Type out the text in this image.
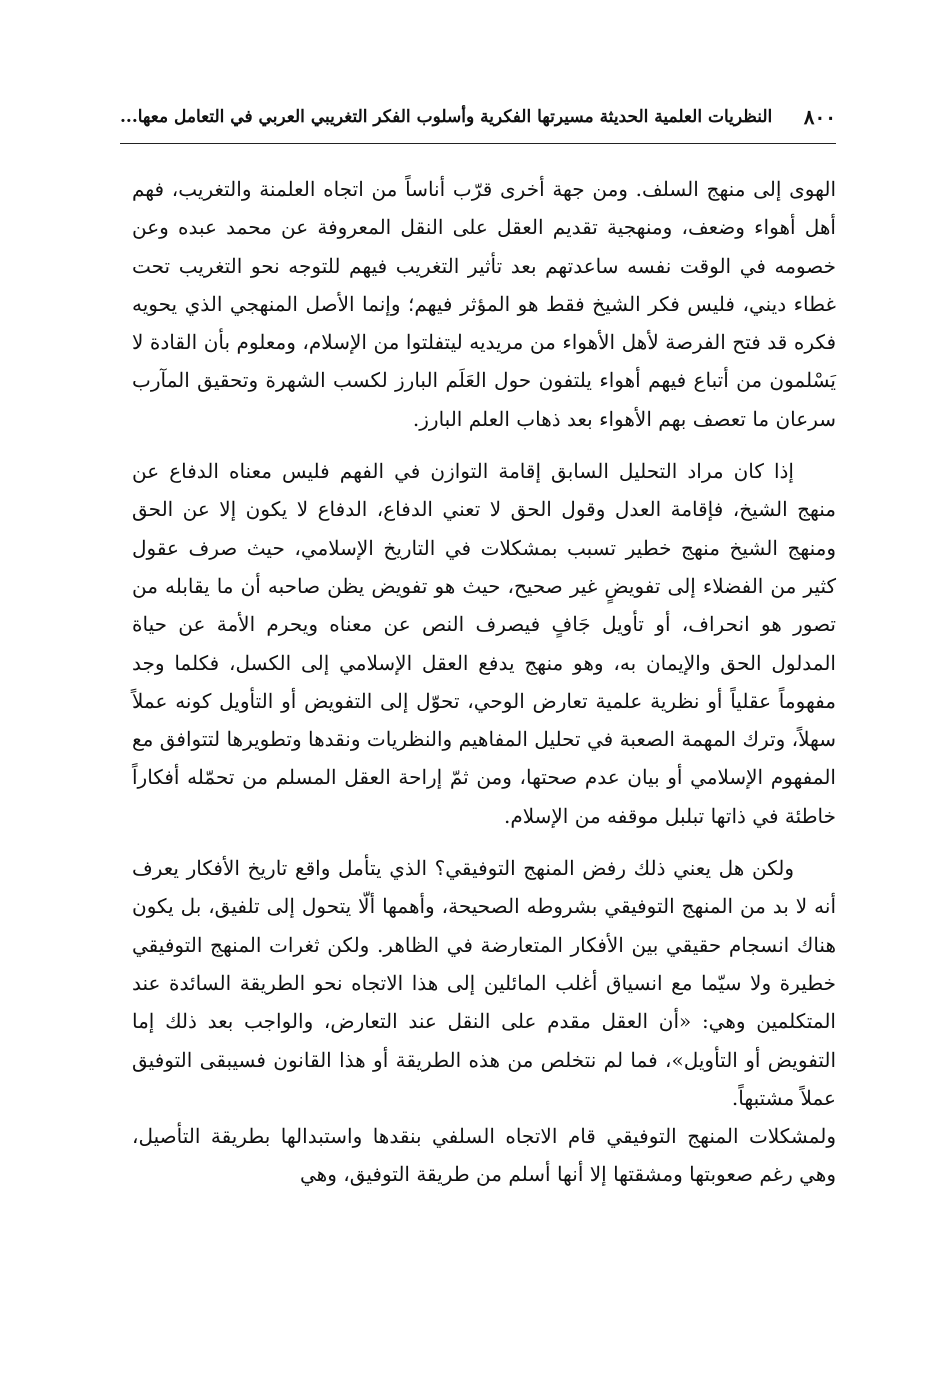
٨٠٠
النظريات العلمية الحديثة مسيرتها الفكرية وأسلوب الفكر التغريبي العربي في التعامل معها...

الهوى إلى منهج السلف. ومن جهة أخرى قرّب أناساً من اتجاه العلمنة والتغريب، فهم أهل أهواء وضعف، ومنهجية تقديم العقل على النقل المعروفة عن محمد عبده وعن خصومه في الوقت نفسه ساعدتهم بعد تأثير التغريب فيهم للتوجه نحو التغريب تحت غطاء ديني، فليس فكر الشيخ فقط هو المؤثر فيهم؛ وإنما الأصل المنهجي الذي يحويه فكره قد فتح الفرصة لأهل الأهواء من مريديه ليتفلتوا من الإسلام، ومعلوم بأن القادة لا يَسْلمون من أتباع فيهم أهواء يلتفون حول العَلَم البارز لكسب الشهرة وتحقيق المآرب سرعان ما تعصف بهم الأهواء بعد ذهاب العلم البارز.

إذا كان مراد التحليل السابق إقامة التوازن في الفهم فليس معناه الدفاع عن منهج الشيخ، فإقامة العدل وقول الحق لا تعني الدفاع، الدفاع لا يكون إلا عن الحق ومنهج الشيخ منهج خطير تسبب بمشكلات في التاريخ الإسلامي، حيث صرف عقول كثير من الفضلاء إلى تفويضٍ غير صحيح، حيث هو تفويض يظن صاحبه أن ما يقابله من تصور هو انحراف، أو تأويل جَافٍ فيصرف النص عن معناه ويحرم الأمة عن حياة المدلول الحق والإيمان به، وهو منهج يدفع العقل الإسلامي إلى الكسل، فكلما وجد مفهوماً عقلياً أو نظرية علمية تعارض الوحي، تحوّل إلى التفويض أو التأويل كونه عملاً سهلاً، وترك المهمة الصعبة في تحليل المفاهيم والنظريات ونقدها وتطويرها لتتوافق مع المفهوم الإسلامي أو بيان عدم صحتها، ومن ثمّ إراحة العقل المسلم من تحمّله أفكاراً خاطئة في ذاتها تبلبل موقفه من الإسلام.

ولكن هل يعني ذلك رفض المنهج التوفيقي؟ الذي يتأمل واقع تاريخ الأفكار يعرف أنه لا بد من المنهج التوفيقي بشروطه الصحيحة، وأهمها ألّا يتحول إلى تلفيق، بل يكون هناك انسجام حقيقي بين الأفكار المتعارضة في الظاهر. ولكن ثغرات المنهج التوفيقي خطيرة ولا سيّما مع انسياق أغلب المائلين إلى هذا الاتجاه نحو الطريقة السائدة عند المتكلمين وهي: «أن العقل مقدم على النقل عند التعارض، والواجب بعد ذلك إما التفويض أو التأويل»، فما لم نتخلص من هذه الطريقة أو هذا القانون فسيبقى التوفيق عملاً مشتبهاً.

ولمشكلات المنهج التوفيقي قام الاتجاه السلفي بنقدها واستبدالها بطريقة التأصيل، وهي رغم صعوبتها ومشقتها إلا أنها أسلم من طريقة التوفيق، وهي
